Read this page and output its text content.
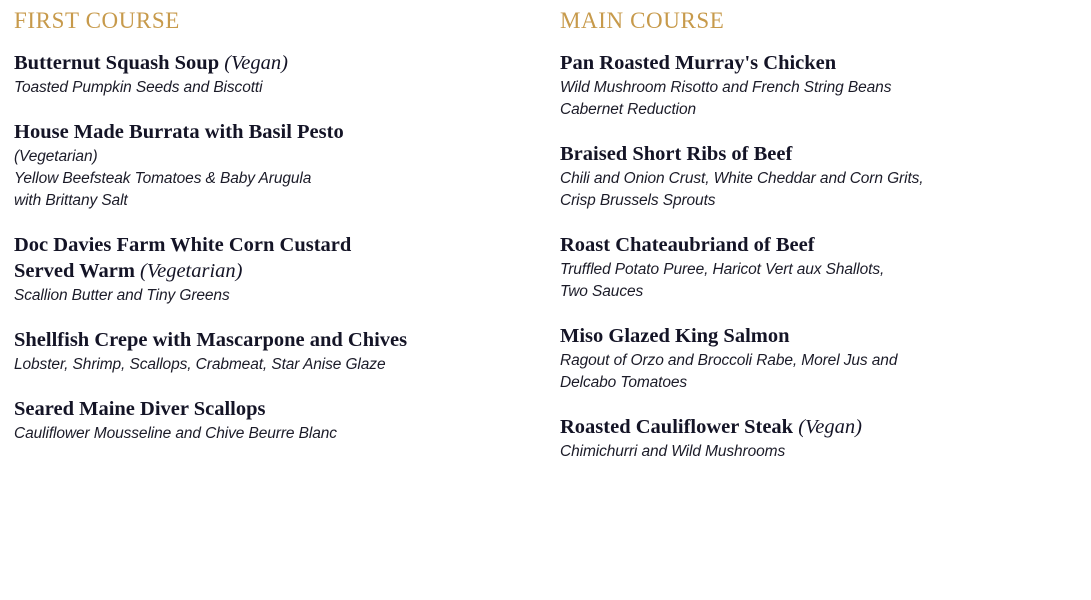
FIRST COURSE
Butternut Squash Soup (Vegan)
Toasted Pumpkin Seeds and Biscotti
House Made Burrata with Basil Pesto
(Vegetarian)
Yellow Beefsteak Tomatoes & Baby Arugula
with Brittany Salt
Doc Davies Farm White Corn Custard
Served Warm (Vegetarian)
Scallion Butter and Tiny Greens
Shellfish Crepe with Mascarpone and Chives
Lobster, Shrimp, Scallops, Crabmeat, Star Anise Glaze
Seared Maine Diver Scallops
Cauliflower Mousseline and Chive Beurre Blanc
MAIN COURSE
Pan Roasted Murray's Chicken
Wild Mushroom Risotto and French String Beans
Cabernet Reduction
Braised Short Ribs of Beef
Chili and Onion Crust, White Cheddar and Corn Grits,
Crisp Brussels Sprouts
Roast Chateaubriand of Beef
Truffled Potato Puree, Haricot Vert aux Shallots,
Two Sauces
Miso Glazed King Salmon
Ragout of Orzo and Broccoli Rabe, Morel Jus and
Delcabo Tomatoes
Roasted Cauliflower Steak (Vegan)
Chimichurri and Wild Mushrooms
